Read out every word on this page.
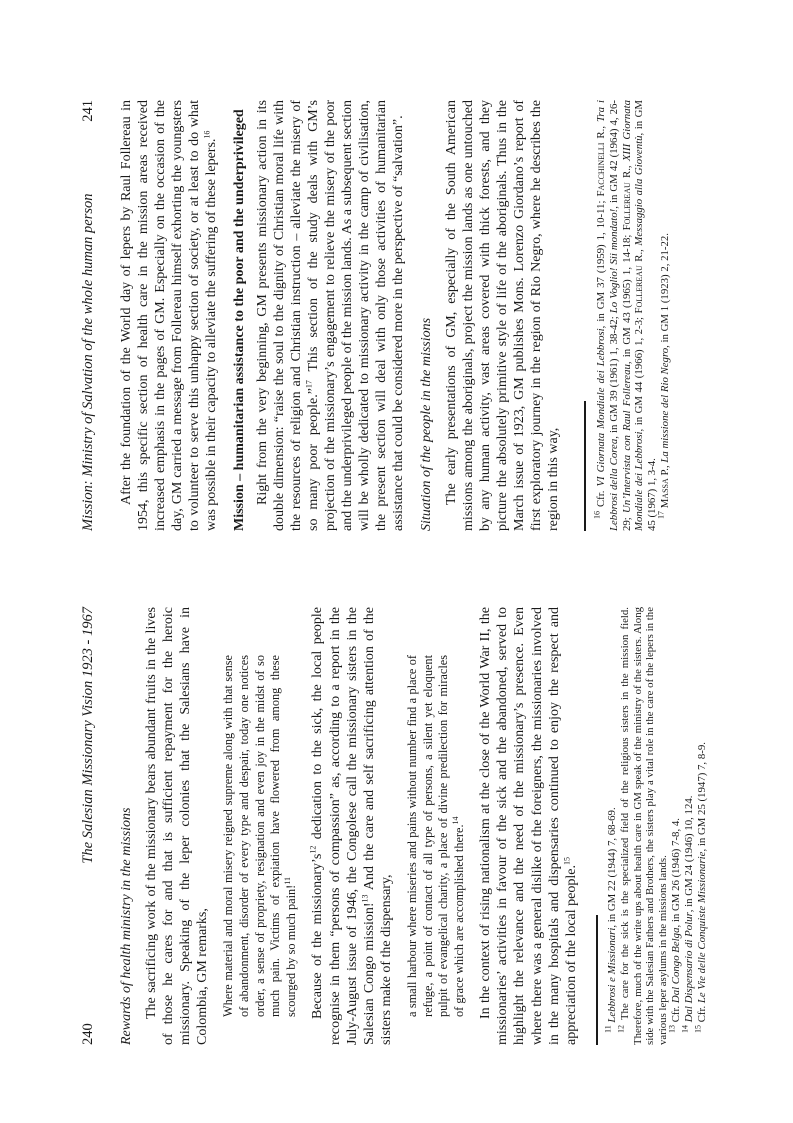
240
The Salesian Missionary Vision 1923 - 1967
Rewards of health ministry in the missions The sacrificing work of the missionary bears abundant fruits in the lives of those he cares for and that is sufficient repayment for the heroic missionary. Speaking of the leper colonies that the Salesians have in Colombia, GM remarks, Where material and moral misery reigned supreme along with that sense of abandonment, disorder of every type and despair, today one notices order, a sense of propriety, resignation and even joy in the midst of so much pain. Victims of expiation have flowered from among these scourged by so much pain!$^{11}$	Because of the $missionary’s^{12}$ dedication to the sick, the local people recognise in them “persons of compassion” as, according to a report in the July-August issue of 1946, the Congolese call the missionary sisters in the Salesian Congo mission!$^{13}$ And the care and self sacrificing attention of the sisters make of the dispensary, a small harbour where miseries and pains without number find a place of refuge, a point of contact of all type of persons, a silent yet eloquent pulpit of evangelical charity, a place of divine predilection for miracles of grace which are accomplished there.$^{14}$	In the context of rising nationalism at the close of the World War II, the missionaries’ activities in favour of the sick and the abandoned, served to highlight the relevance and the need of the missionary’s presence. Even where there was a general dislike of the foreigners, the missionaries involved in the many hospitals and dispensaries continued to enjoy the respect and appreciation of the local people.$^{15}$

$^{11}$ Lebbrosi e Missionari, in GM 22 (1944) 7, 68-69.

$^{12}$ The care for the sick is the specialized field of the religious sisters in the mission field. Therefore, much of the write ups about health care in GM speak of the ministry of the sisters. Along side with the Salesian Fathers and Brothers, the sisters play a vital role in the care of the lepers in the various leper asylums in the missions lands.

$^{13}$ Cfr. Dal Congo Belga, in GM 26 (1946) 7-8, 4.

$^{14}$ Dal Dispensario di Polur, in GM 24 (1946) 10, 124.

$^{15}$ Cfr. Le Vie delle Conquiste Missionarie, in GM 25 (1947) 7, 8-9.

Mission: Ministry of Salvation of the whole human person
241 After the foundation of the World day of lepers by Raul Follereau in 1954, this specific section of health care in the mission areas received increased emphasis in the pages of GM. Especially on the occasion of the day, GM carried a message from Follereau himself exhorting the youngsters to volunteer to serve this unhappy section of society, or at least to do what was possible in their capacity to alleviate the suffering of these lepers.$^{16}$	Mission – humanitarian assistance to the poor and the underprivileged Right from the very beginning, GM presents missionary action in its double dimension: “raise the soul to the dignity of Christian moral life with the resources of religion and Christian instruction – alleviate the misery of so many poor people.”$^{17}$ This section of the study deals with GM’s projection of the missionary’s engagement to relieve the misery of the poor and the underprivileged people of the mission lands. As a subsequent section will be wholly dedicated to missionary activity in the camp of civilisation, the present section will deal with only those activities of humanitarian assistance that could be considered more in the perspective of “salvation”. Situation of the people in the missions The early presentations of GM, especially of the South American missions among the aboriginals, project the mission lands as one untouched by any human activity, vast areas covered with thick forests, and they picture the absolutely primitive style of life of the aboriginals. Thus in the March issue of 1923, GM publishes Mons. Lorenzo Giordano’s report of first exploratory journey in the region of Rio Negro, where he describes the region in this way,	$^{16}$ Cfr. VI Giornata Mondiale dei Lebbrosi, in GM 37 (1959) 1, 10-11; Facchinelli R., Tra i Lebbrosi della Corea, in GM 39 (1961) 1, 38-42; Lo Voglio! Sii mondato!, in GM 42 (1964) 4, 26- 29; Un’Intervista con Raul Follereau, in GM 43 (1965) 1, 14-18; Follereau R., XIII Giornata Mondiale dei Lebbrosi, in GM 44 (1966) 1, 2-3; Follereau R., Messaggio alla Gioventù, in GM 45 (1967) 1, 3-4.

$^{17}$ Massa P., La missione del Rio Negro, in GM 1 (1923) 2, 21-22.
